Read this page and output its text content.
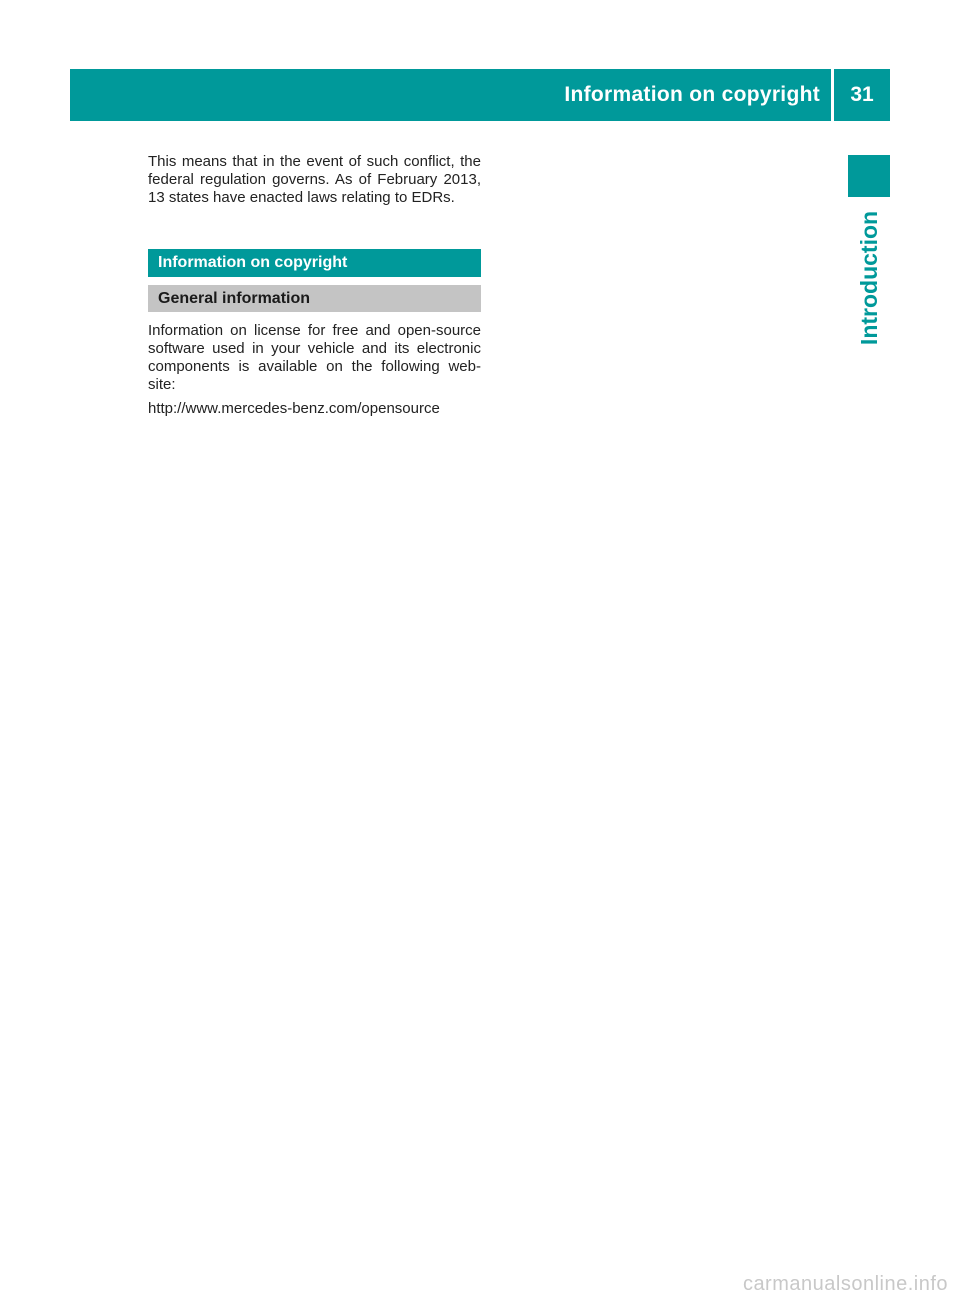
Information on copyright	31
Introduction

This means that in the event of such conflict, the federal regulation governs. As of February 2013, 13 states have enacted laws relating to EDRs.

Information on copyright
General information

Information on license for free and open-source software used in your vehicle and its electronic components is available on the following web- site:

http://www.mercedes-benz.com/opensource

carmanualsonline.info
